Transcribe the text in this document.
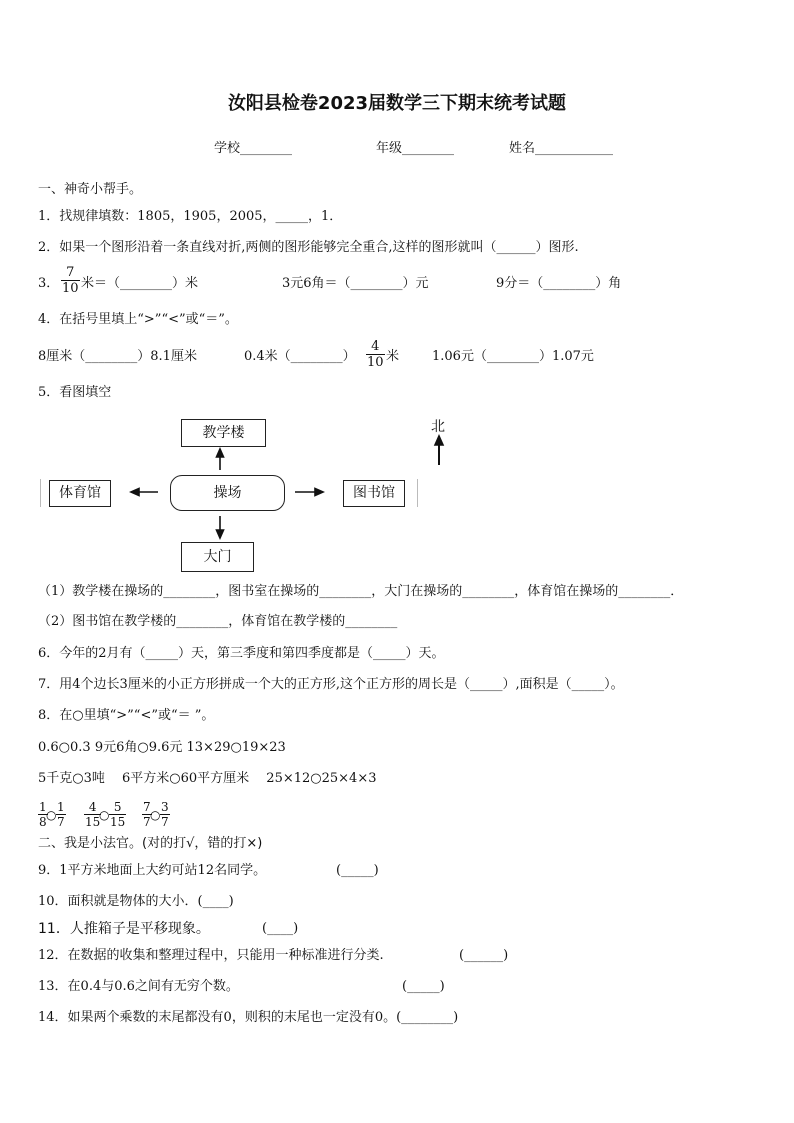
汝阳县检卷2023届数学三下期末统考试题
学校________	年级________	姓名____________
一、神奇小帮手。
1．找规律填数：1805，1905，2005，_____，1．
2．如果一个图形沿着一条直线对折,两侧的图形能够完全重合,这样的图形就叫（______）图形.
3．
7
10 米＝（________）米	3元6角＝（________）元	9分＝（________）角
4．在括号里填上“>”“<”或“＝”。
8厘米（________）8.1厘米	0.4米（________）
4
10 米	1.06元（________）1.07元
5．看图填空
教学楼
操场
体育馆	图书馆
大门
北
（1）教学楼在操场的________，图书室在操场的________，大门在操场的________，体育馆在操场的________．
（2）图书馆在教学楼的________，体育馆在教学楼的________
6．今年的2月有（_____）天，第三季度和第四季度都是（_____）天。
7．用4个边长3厘米的小正方形拼成一个大的正方形,这个正方形的周长是（_____）,面积是（_____）。
8．在○里填“>”“<”或“＝ ”。
0.6○0.3 9元6角○9.6元 13×29○19×23
5千克○3吨　 6平方米○60平方厘米　 25×12○25×4×3
1
8 ○
1
7
4
15
○
5
15
7
7 ○
3
7
二、我是小法官。(对的打√，错的打×)
9．1平方米地面上大约可站12名同学。	(_____)
10．面积就是物体的大小．(____)
11．人推箱子是平移现象。	(____)
12．在数据的收集和整理过程中，只能用一种标准进行分类.	(______)
13．在0.4与0.6之间有无穷个数。	(_____)
14．如果两个乘数的末尾都没有0，则积的末尾也一定没有0。(________)
